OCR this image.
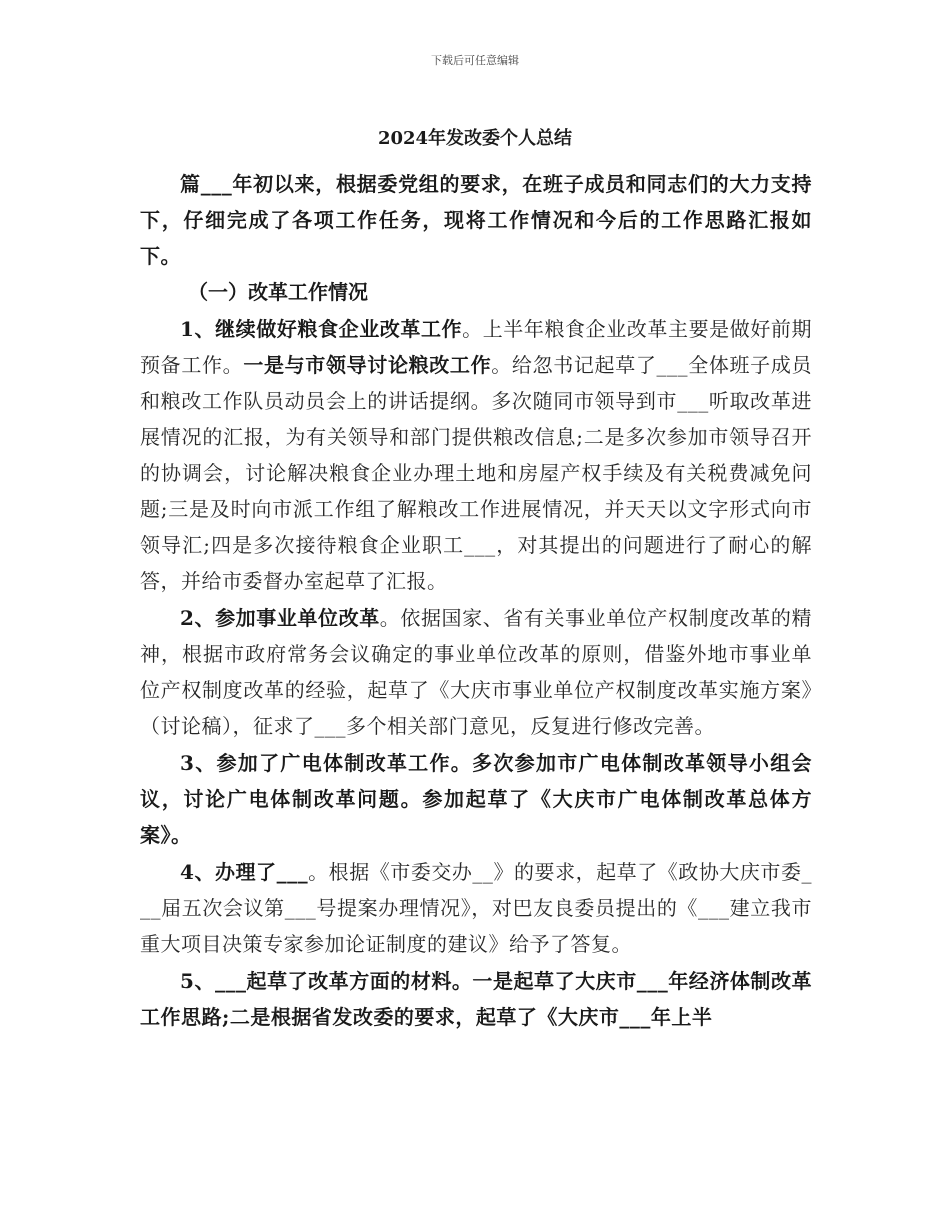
下载后可任意编辑
2024年发改委个人总结

篇___年初以来，根据委党组的要求，在班子成员和同志们的大力支持下，仔细完成了各项工作任务，现将工作情况和今后的工作思路汇报如下。

（一）改革工作情况

1、继续做好粮食企业改革工作。上半年粮食企业改革主要是做好前期预备工作。一是与市领导讨论粮改工作。给忽书记起草了___全体班子成员和粮改工作队员动员会上的讲话提纲。多次随同市领导到市___听取改革进展情况的汇报，为有关领导和部门提供粮改信息;二是多次参加市领导召开的协调会，讨论解决粮食企业办理土地和房屋产权手续及有关税费减免问题;三是及时向市派工作组了解粮改工作进展情况，并天天以文字形式向市领导汇;四是多次接待粮食企业职工___，对其提出的问题进行了耐心的解答，并给市委督办室起草了汇报。

2、参加事业单位改革。依据国家、省有关事业单位产权制度改革的精神，根据市政府常务会议确定的事业单位改革的原则，借鉴外地市事业单位产权制度改革的经验，起草了《大庆市事业单位产权制度改革实施方案》（讨论稿），征求了___多个相关部门意见，反复进行修改完善。

3、参加了广电体制改革工作。多次参加市广电体制改革领导小组会议，讨论广电体制改革问题。参加起草了《大庆市广电体制改革总体方案》。

4、办理了___。根据《市委交办__》的要求，起草了《政协大庆市委___届五次会议第___号提案办理情况》，对巴友良委员提出的《___建立我市重大项目决策专家参加论证制度的建议》给予了答复。

5、___起草了改革方面的材料。一是起草了大庆市___年经济体制改革工作思路;二是根据省发改委的要求，起草了《大庆市___年上半
